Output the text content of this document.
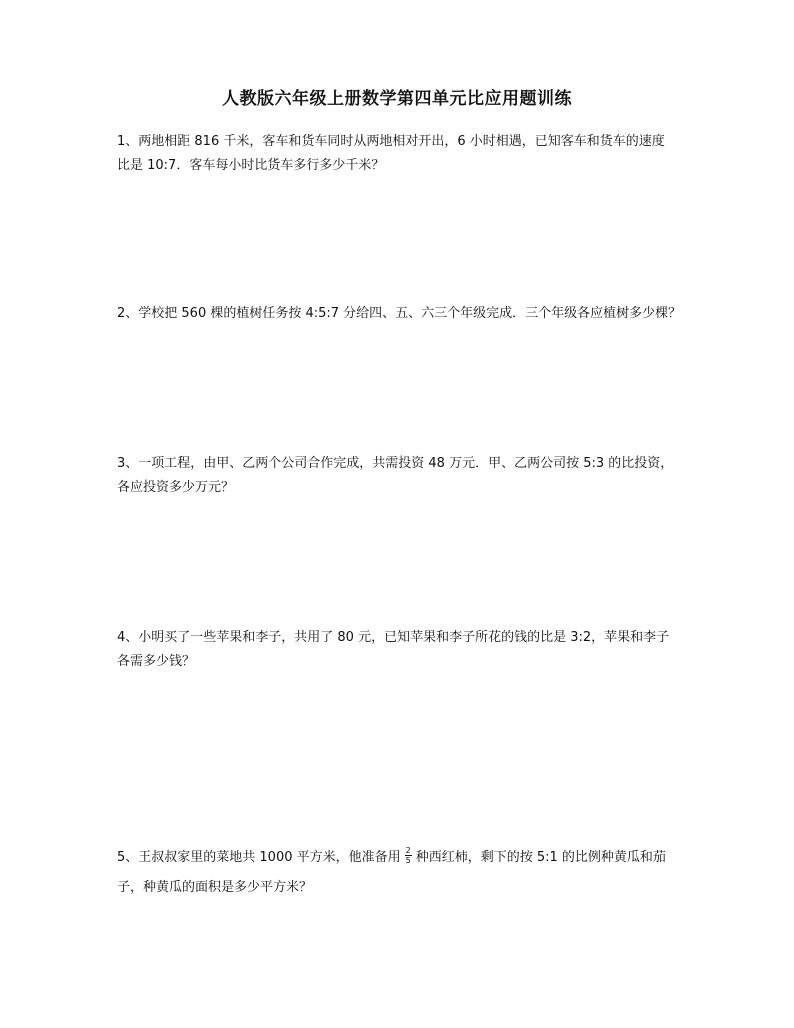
人教版六年级上册数学第四单元比应用题训练
1、两地相距 816 千米，客车和货车同时从两地相对开出，6 小时相遇，已知客车和货车的速度
比是 10:7．客车每小时比货车多行多少千米？
2、学校把 560 棵的植树任务按 4:5:7 分给四、五、六三个年级完成．三个年级各应植树多少棵？
3、一项工程，由甲、乙两个公司合作完成，共需投资 48 万元．甲、乙两公司按 5:3 的比投资，
各应投资多少万元？
4、小明买了一些苹果和李子，共用了 80 元，已知苹果和李子所花的钱的比是 3:2，苹果和李子
各需多少钱？
5、王叔叔家里的菜地共 1000 平方米，他准备用 $\frac{2}{5}$ 种西红柿，剩下的按 5:1 的比例种黄瓜和茄
子，种黄瓜的面积是多少平方米？
